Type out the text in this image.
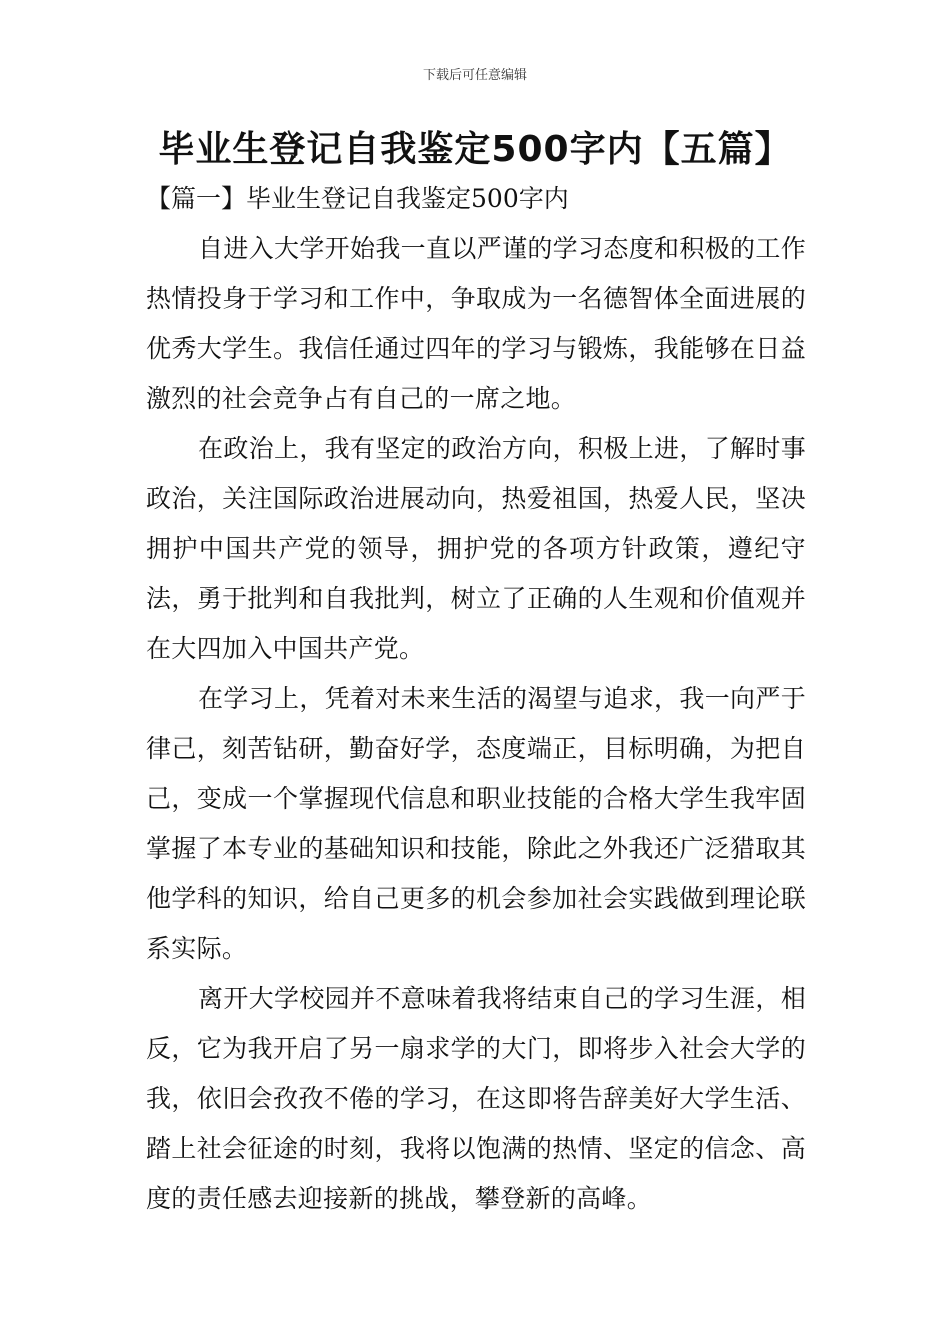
下载后可任意编辑
毕业生登记自我鉴定500字内【五篇】
【篇一】毕业生登记自我鉴定500字内

自进入大学开始我一直以严谨的学习态度和积极的工作热情投身于学习和工作中，争取成为一名德智体全面进展的优秀大学生。我信任通过四年的学习与锻炼，我能够在日益激烈的社会竞争占有自己的一席之地。

在政治上，我有坚定的政治方向，积极上进，了解时事政治，关注国际政治进展动向，热爱祖国，热爱人民，坚决拥护中国共产党的领导，拥护党的各项方针政策，遵纪守法，勇于批判和自我批判，树立了正确的人生观和价值观并在大四加入中国共产党。

在学习上，凭着对未来生活的渴望与追求，我一向严于律己，刻苦钻研，勤奋好学，态度端正，目标明确，为把自己，变成一个掌握现代信息和职业技能的合格大学生我牢固掌握了本专业的基础知识和技能，除此之外我还广泛猎取其他学科的知识，给自己更多的机会参加社会实践做到理论联系实际。

离开大学校园并不意味着我将结束自己的学习生涯，相反，它为我开启了另一扇求学的大门，即将步入社会大学的我，依旧会孜孜不倦的学习，在这即将告辞美好大学生活、踏上社会征途的时刻，我将以饱满的热情、坚定的信念、高度的责任感去迎接新的挑战，攀登新的高峰。
